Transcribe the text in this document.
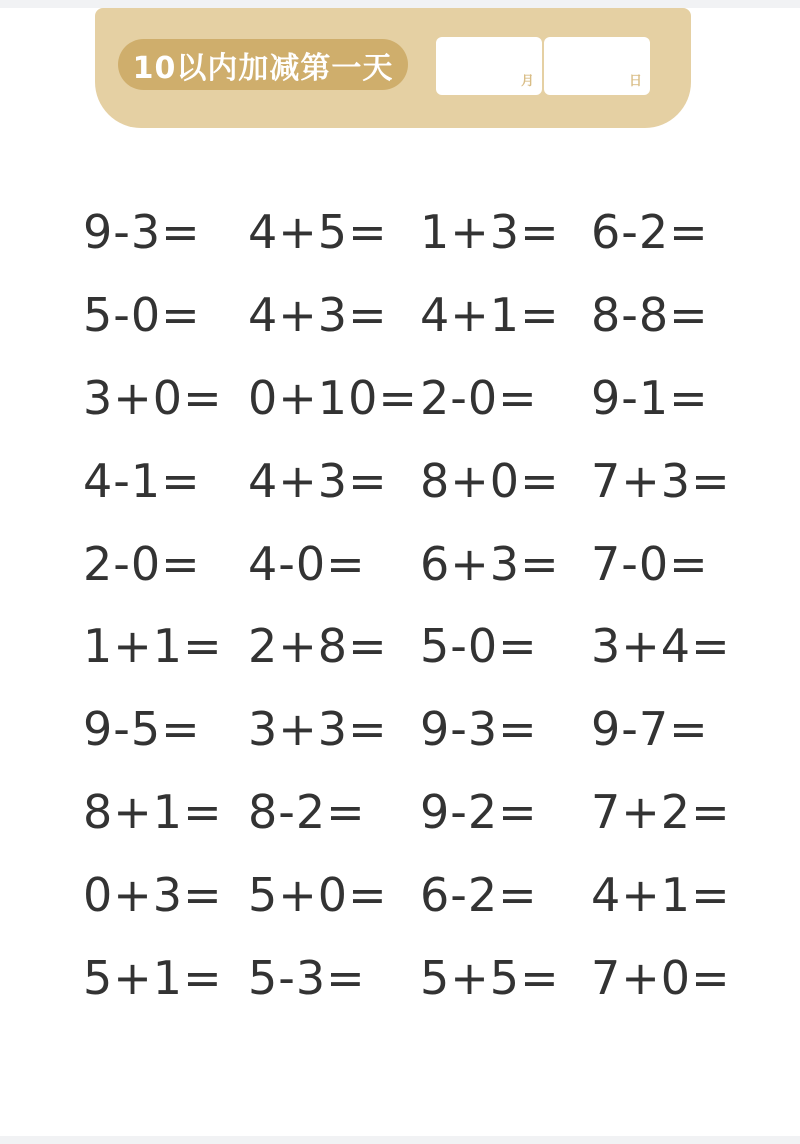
10以内加减第一天	月	日
9-3=	4+5= 1+3= 6-2=
5-0=	4+3= 4+1= 8-8=
3+0= 0+10= 2-0=	9-1=
4-1=	4+3= 8+0= 7+3=
2-0=	4-0=	6+3= 7-0=
1+1= 2+8= 5-0=	3+4=
9-5=	3+3= 9-3=	9-7=
8+1= 8-2=	9-2=	7+2=
0+3= 5+0= 6-2=	4+1=
5+1= 5-3=	5+5= 7+0=
